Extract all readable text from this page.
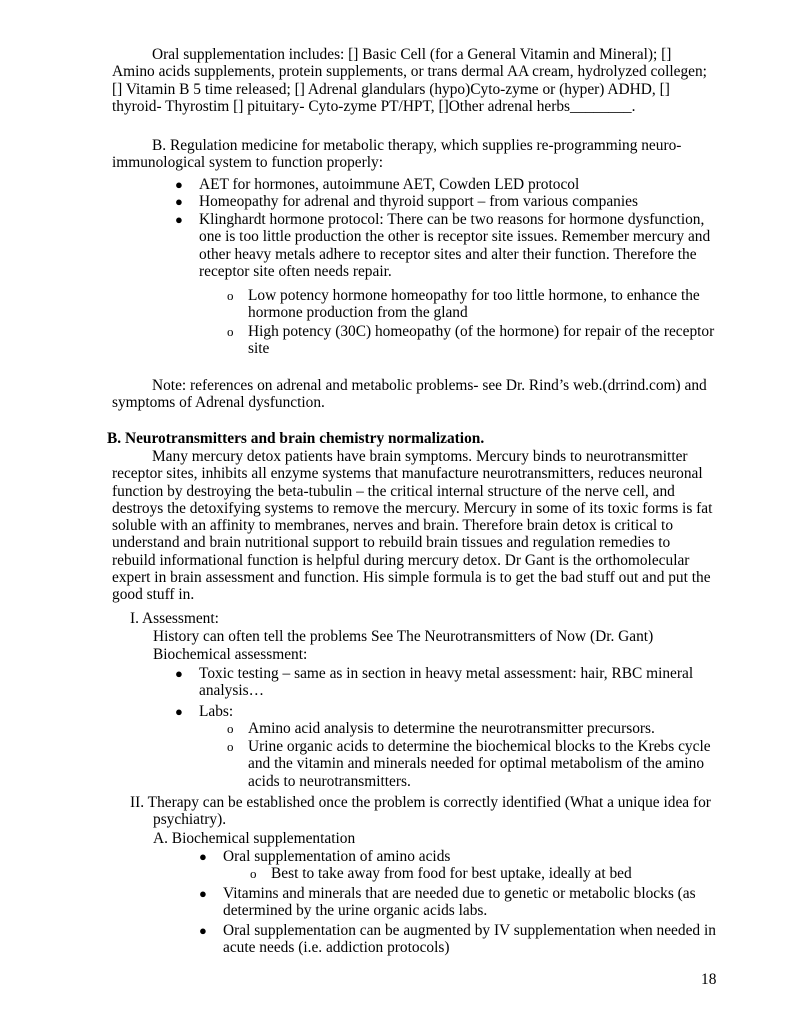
Oral supplementation includes: [] Basic Cell (for a General Vitamin and Mineral); [] Amino acids supplements, protein supplements, or trans dermal AA cream, hydrolyzed collegen; [] Vitamin B 5 time released; [] Adrenal glandulars (hypo)Cyto-zyme or (hyper) ADHD, [] thyroid- Thyrostim [] pituitary- Cyto-zyme PT/HPT, []Other adrenal herbs________.

B. Regulation medicine for metabolic therapy, which supplies re-programming neuro-immunological system to function properly:

● AET for hormones, autoimmune AET, Cowden LED protocol

● Homeopathy for adrenal and thyroid support – from various companies

● Klinghardt hormone protocol: There can be two reasons for hormone dysfunction, one is too little production the other is receptor site issues. Remember mercury and other heavy metals adhere to receptor sites and alter their function. Therefore the receptor site often needs repair.

o Low potency hormone homeopathy for too little hormone, to enhance the hormone production from the gland

o High potency (30C) homeopathy (of the hormone) for repair of the receptor site

Note: references on adrenal and metabolic problems- see Dr. Rind’s web.(drrind.com) and symptoms of Adrenal dysfunction.

B. Neurotransmitters and brain chemistry normalization.

Many mercury detox patients have brain symptoms. Mercury binds to neurotransmitter receptor sites, inhibits all enzyme systems that manufacture neurotransmitters, reduces neuronal function by destroying the beta-tubulin – the critical internal structure of the nerve cell, and destroys the detoxifying systems to remove the mercury. Mercury in some of its toxic forms is fat soluble with an affinity to membranes, nerves and brain. Therefore brain detox is critical to understand and brain nutritional support to rebuild brain tissues and regulation remedies to rebuild informational function is helpful during mercury detox. Dr Gant is the orthomolecular expert in brain assessment and function. His simple formula is to get the bad stuff out and put the good stuff in.

I. Assessment:

History can often tell the problems See The Neurotransmitters of Now (Dr. Gant)

Biochemical assessment:

● Toxic testing – same as in section in heavy metal assessment: hair, RBC mineral analysis…

● Labs:

o Amino acid analysis to determine the neurotransmitter precursors.

o Urine organic acids to determine the biochemical blocks to the Krebs cycle and the vitamin and minerals needed for optimal metabolism of the amino acids to neurotransmitters.

II. Therapy can be established once the problem is correctly identified (What a unique idea for psychiatry).

A. Biochemical supplementation

● Oral supplementation of amino acids

o Best to take away from food for best uptake, ideally at bed

● Vitamins and minerals that are needed due to genetic or metabolic blocks (as determined by the urine organic acids labs.

● Oral supplementation can be augmented by IV supplementation when needed in acute needs (i.e. addiction protocols)

18
